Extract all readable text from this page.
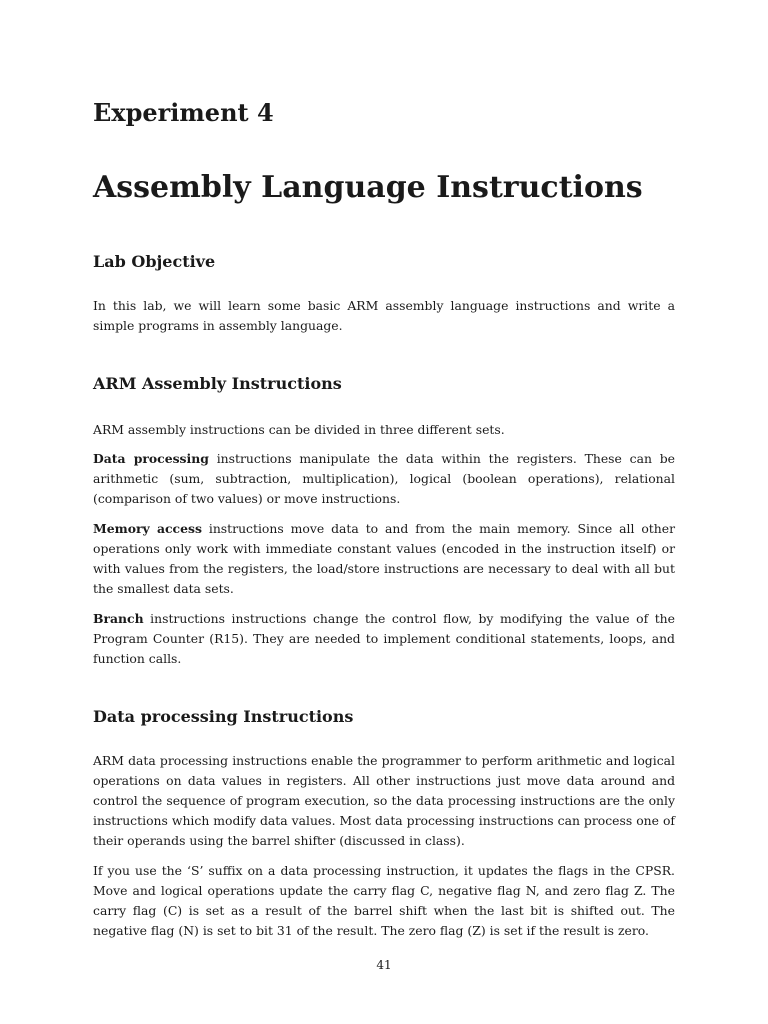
Experiment 4
Assembly Language Instructions
Lab Objective

In this lab, we will learn some basic ARM assembly language instructions and write a simple programs in assembly language.

ARM Assembly Instructions

ARM assembly instructions can be divided in three different sets.

Data processing instructions manipulate the data within the registers. These can be arithmetic (sum, subtraction, multiplication), logical (boolean operations), relational (comparison of two values) or move instructions.

Memory access instructions move data to and from the main memory. Since all other operations only work with immediate constant values (encoded in the instruction itself) or with values from the registers, the load/store instructions are necessary to deal with all but the smallest data sets.

Branch instructions instructions change the control flow, by modifying the value of the Program Counter (R15). They are needed to implement conditional statements, loops, and function calls.

Data processing Instructions

ARM data processing instructions enable the programmer to perform arithmetic and logical operations on data values in registers. All other instructions just move data around and control the sequence of program execution, so the data processing instructions are the only instructions which modify data values. Most data processing instructions can process one of their operands using the barrel shifter (discussed in class).

If you use the ‘S’ suffix on a data processing instruction, it updates the flags in the CPSR. Move and logical operations update the carry flag C, negative flag N, and zero flag Z. The carry flag (C) is set as a result of the barrel shift when the last bit is shifted out. The negative flag (N) is set to bit 31 of the result. The zero flag (Z) is set if the result is zero.

41
